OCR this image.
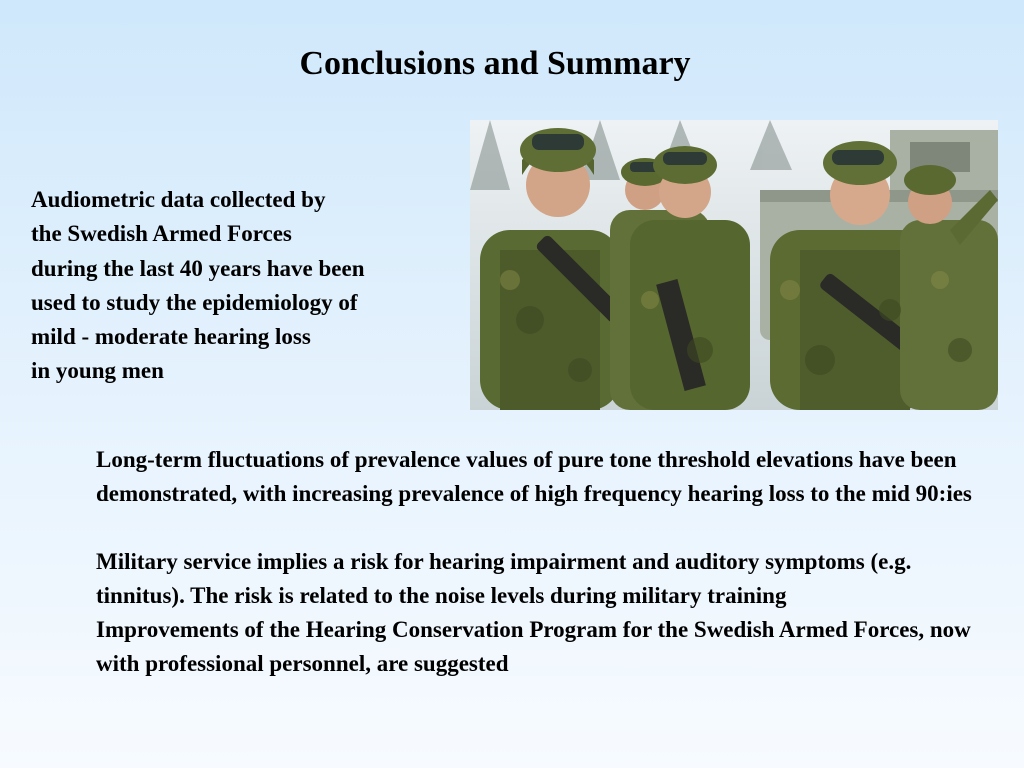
Conclusions and Summary
Audiometric data collected by
the Swedish Armed Forces
during the last 40 years have been
used to study the epidemiology of
mild - moderate hearing loss
in young men

Long-term fluctuations of prevalence values of pure tone threshold elevations have been demonstrated, with increasing prevalence of high frequency hearing loss to the mid 90:ies

Military service implies a risk for hearing impairment and auditory symptoms (e.g. tinnitus). The risk is related to the noise levels during military training

Improvements of the Hearing Conservation Program for the Swedish Armed Forces, now with professional personnel, are suggested
